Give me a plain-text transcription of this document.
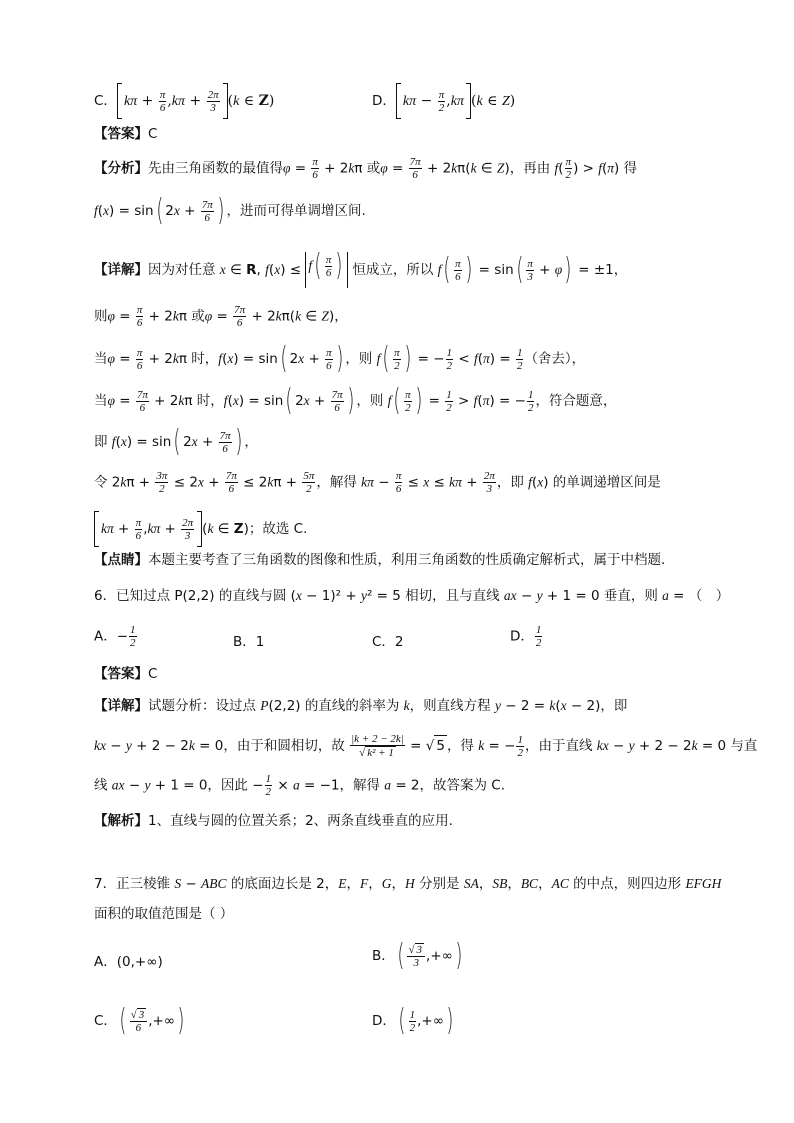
C． $k\pi + \frac{\pi}{6} ,k\pi + \frac{2\pi}{3} (k$ ∈ Z)	D． $k\pi - \frac{\pi}{2} ,k\pi$ (k ∈ Z)
【答案】C
【分析】先由三角函数的最值得$\varphi = \frac{\pi}{6} + 2k\pi$ 或$\varphi = \frac{7\pi}{6} + 2k\pi(k$ ∈ Z)，再由 $f( \frac{\pi}{2}$ ) > f(π) 得
f(x) = sin( $2x + \frac{7\pi}{6}$ ) ，进而可得单调增区间.
【详解】因为对任意 x ∈ R, $f(x) \le f( \frac{\pi}{6}$ ) 恒成立，所以 $f( \frac{\pi}{6}$ ) = $\sin( \frac{\pi}{3} + \varphi) = \pm 1$，
则$\varphi = \frac{\pi}{6} + 2k\pi$ 或$\varphi = \frac{7\pi}{6} + 2k\pi(k$ ∈ Z)，
当$\varphi = \frac{\pi}{6} + 2k\pi$ 时，f(x) = sin( $2x + \frac{\pi}{6}$ ) ，则 $f( \frac{\pi}{2}$ ) = − $\frac{1}{2} < f(\pi) = \frac{1}{2}$ （舍去），
当$\varphi = \frac{7\pi}{6} + 2k\pi$ 时，f(x) = sin( $2x + \frac{7\pi}{6}$ ) ，则 $f( \frac{\pi}{2}$ ) = $\frac{1}{2} > f(\pi)$ = − $\frac{1}{2}$ ，符合题意，
即 f(x) = sin( $2x + \frac{7\pi}{6}$ ) ，
令 $2k\pi + \frac{3\pi}{2} \le 2x + \frac{7\pi}{6} \le 2k\pi + \frac{5\pi}{2}$ ，解得 $k\pi - \frac{\pi}{6} \le x \le k\pi + \frac{2\pi}{3}$ ，即 f(x) 的单调递增区间是
$k\pi + \frac{\pi}{6} ,k\pi + \frac{2\pi}{3} (k$ ∈ Z)；故选 C.
【点睛】本题主要考查了三角函数的图像和性质，利用三角函数的性质确定解析式，属于中档题.
6．已知过点 P(2,2) 的直线与圆 (x − 1)² + y² = 5 相切，且与直线 ax − y + 1 = 0 垂直，则 a = （　）
A．− $\frac{1}{2}$	B．1	C．2	D． $\frac{1}{2}$
【答案】C
【详解】试题分析：设过点 P(2,2) 的直线的斜率为 k，则直线方程 y − 2 = k(x − 2)，即
kx − y + 2 − 2k = 0，由于和圆相切，故 $\frac{|k + 2 - 2k|}{\text{√ k² + 1}}$ = √ 5 ，得 k = − $\frac{1}{2}$ ，由于直线 kx − y + 2 − 2k = 0 与直
线 ax − y + 1 = 0，因此 − $\frac{1}{2} \times a = -1$，解得 a = 2，故答案为 C.
【解析】1、直线与圆的位置关系；2、两条直线垂直的应用.
7．正三棱锥 S − ABC 的底面边长是 2，E，F，G，H 分别是 SA，SB，BC，AC 的中点，则四边形 EFGH
面积的取值范围是（ ）
A．(0,+∞)	B．( $\frac{√ 3}{3}$ ,+∞)
C．( $\frac{√ 3}{6}$ ,+∞)	D．( $\frac{1}{2}$ ,+∞)
